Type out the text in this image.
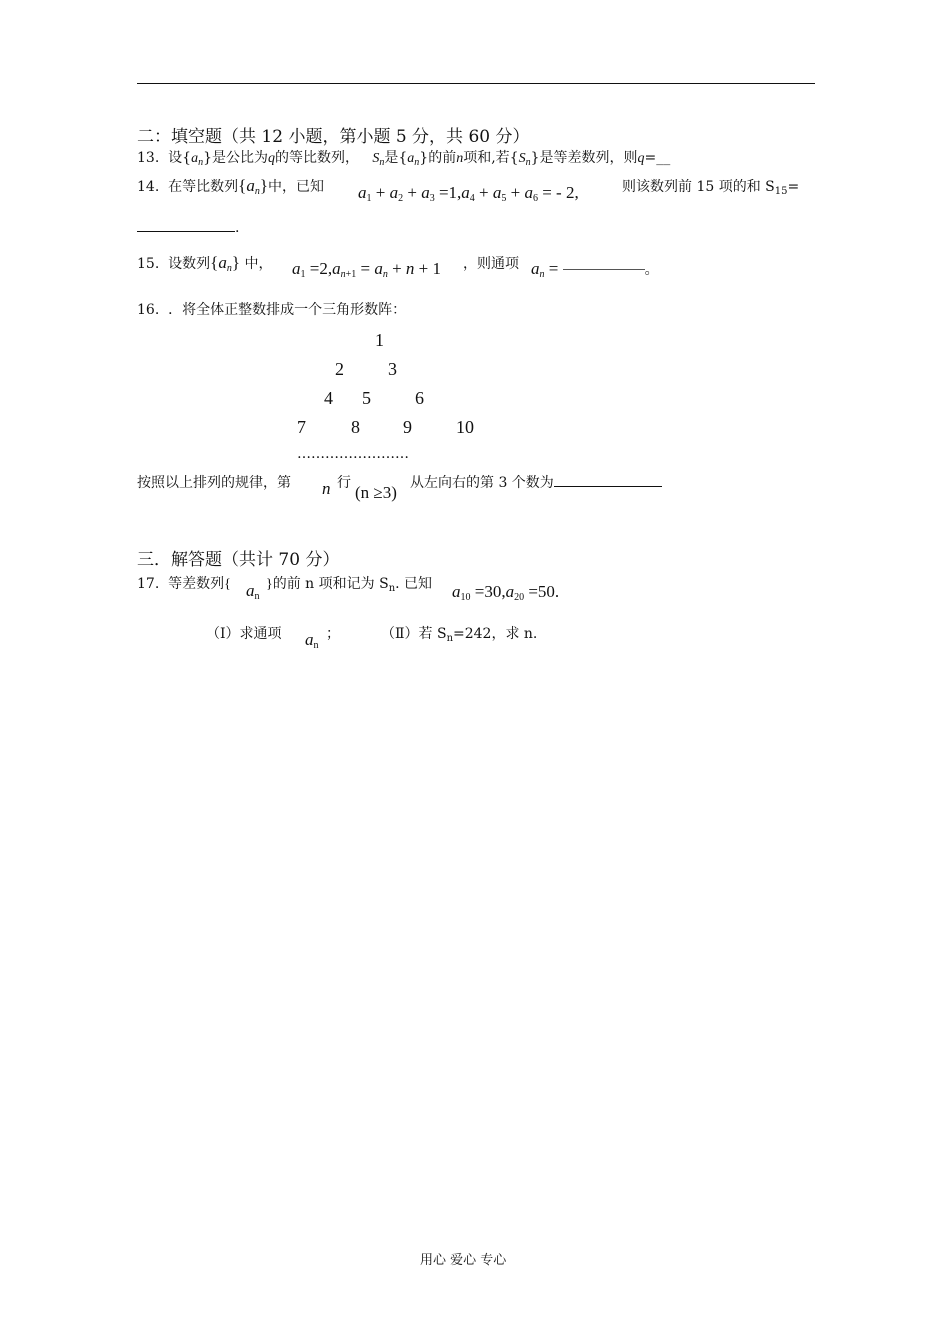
二：填空题（共 12 小题，第小题 5 分，共 60 分）
13. 设$\{a_n\}$是公比为q的等比数列， $S_n$是$\{a_n\}$的前n项和,若$\{S_n\}$是等差数列，则q=__
14. 在等比数列$\{a_n\}$中，已知 $a_1 + a_2 + a_3 =1,a_4 + a_5 + a_6$ = - 2,	则该数列前 15 项的和 $S_{15}=$
.
15. 设数列$\{a_n\}$ 中， $a_1 =2,a_{n+1} = a_n + n + 1$ ，则通项 $a_n$ =	。
16. ．将全体正整数排成一个三角形数阵：
1
2 3
4 5 6
7	8 9 10
……………………
按照以上排列的规律，第 n 行 (n ≥3) 从左向右的第 3 个数为
三．解答题（共计 70 分）
17. 等差数列{ $a_n$
}的前 n 项和记为 $S_n$. 已知 $a_{10} =30,a_{20} =50$.
（Ⅰ）求通项 $a_n$
；	（Ⅱ）若 $S_n=242$，求 n.
用心 爱心 专心
